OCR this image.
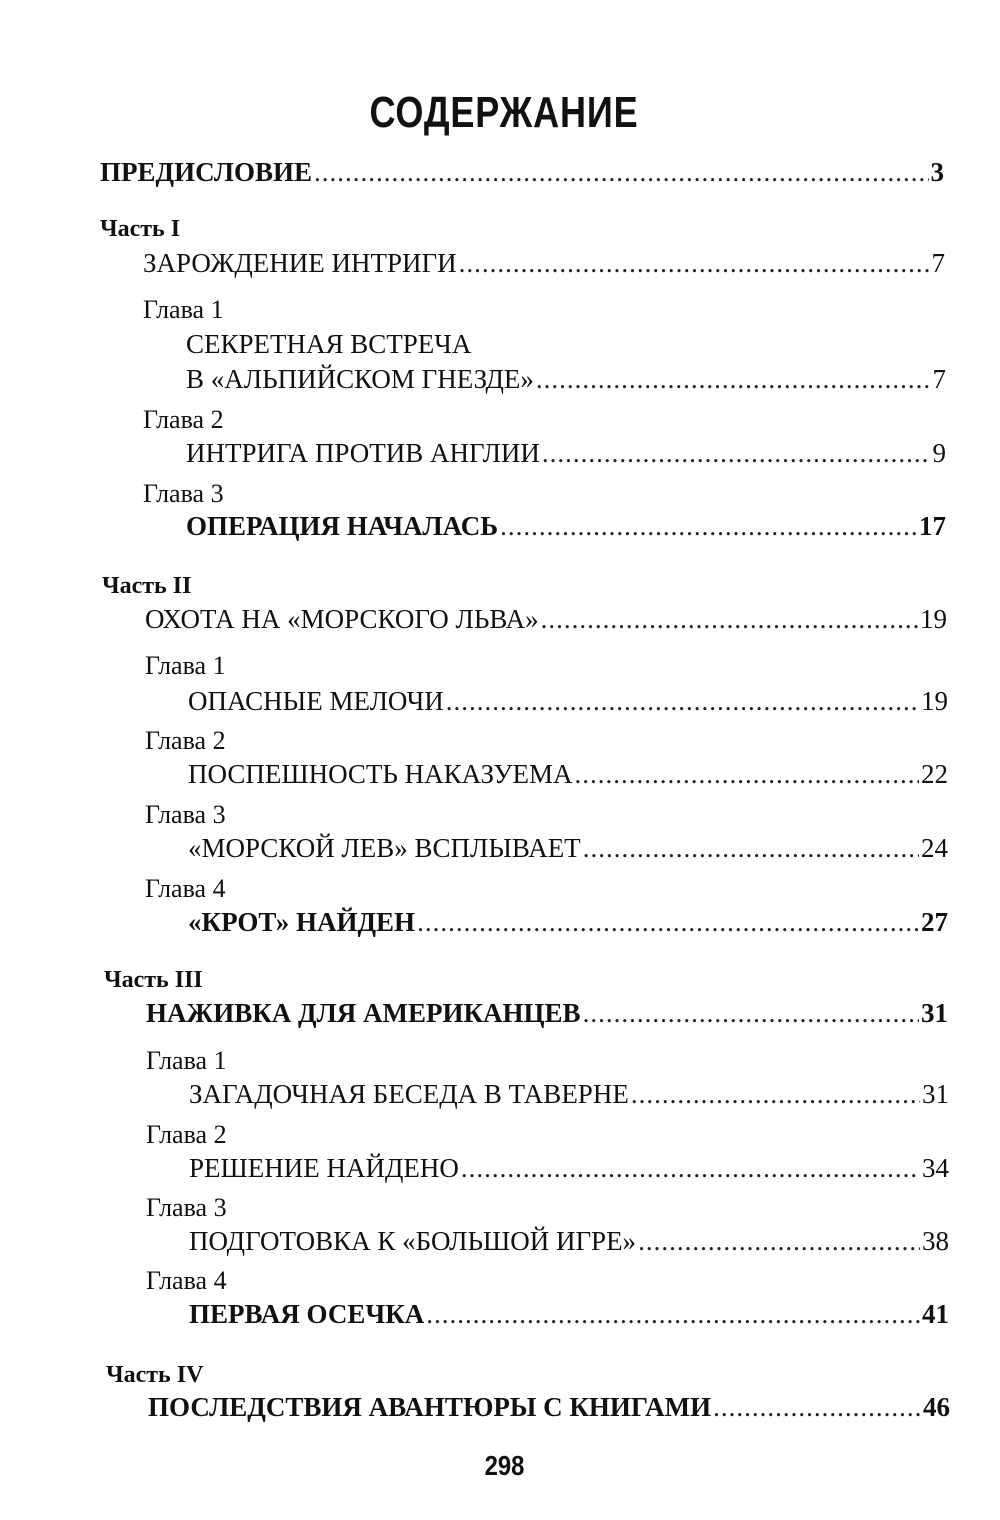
СОДЕРЖАНИЕ
ПРЕДИСЛОВИЕ .....	3
Часть I
ЗАРОЖДЕНИЕ ИНТРИГИ .....	7
Глава 1
СЕКРЕТНАЯ ВСТРЕЧА
В «АЛЬПИЙСКОМ ГНЕЗДЕ» .....	7
Глава 2
ИНТРИГА ПРОТИВ АНГЛИИ .....	9
Глава 3
ОПЕРАЦИЯ НАЧАЛАСЬ .....	17
Часть II
ОХОТА НА «МОРСКОГО ЛЬВА» .....	19
Глава 1
ОПАСНЫЕ МЕЛОЧИ .....	19
Глава 2
ПОСПЕШНОСТЬ НАКАЗУЕМА .....	22
Глава 3
«МОРСКОЙ ЛЕВ» ВСПЛЫВАЕТ .....	24
Глава 4
«КРОТ» НАЙДЕН .....	27
Часть III
НАЖИВКА ДЛЯ АМЕРИКАНЦЕВ .....	31
Глава 1
ЗАГАДОЧНАЯ БЕСЕДА В ТАВЕРНЕ .....	31
Глава 2
РЕШЕНИЕ НАЙДЕНО .....	34
Глава 3
ПОДГОТОВКА К «БОЛЬШОЙ ИГРЕ» .....	38
Глава 4
ПЕРВАЯ ОСЕЧКА .....	41
Часть IV
ПОСЛЕДСТВИЯ АВАНТЮРЫ С КНИГАМИ .....	46
298
